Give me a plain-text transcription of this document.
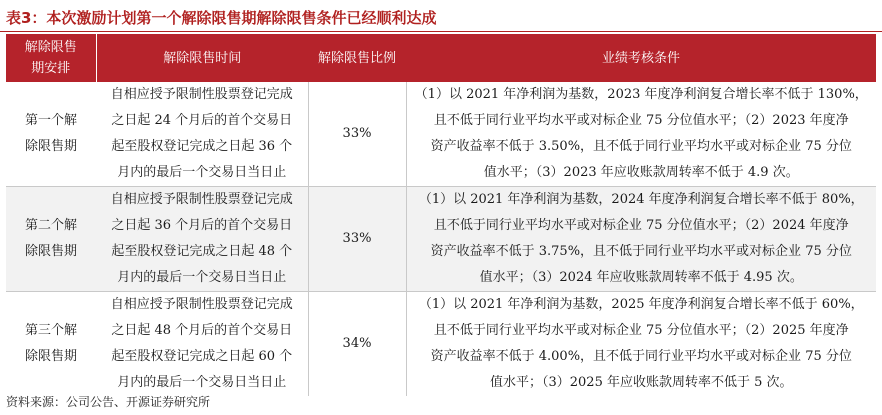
表3：本次激励计划第一个解除限售期解除限售条件已经顺利达成
解除限售
期安排	解除限售时间	解除限售比例	业绩考核条件

第一个解
除限售期	自相应授予限制性股票登记完成
之日起 24 个月后的首个交易日
起至股权登记完成之日起 36 个
月内的最后一个交易日当日止	33%	（1）以 2021 年净利润为基数，2023 年度净利润复合增长率不低于 130%，
且不低于同行业平均水平或对标企业 75 分位值水平；（2）2023 年度净
资产收益率不低于 3.50%，且不低于同行业平均水平或对标企业 75 分位
值水平；（3）2023 年应收账款周转率不低于 4.9 次。

第二个解
除限售期	自相应授予限制性股票登记完成
之日起 36 个月后的首个交易日
起至股权登记完成之日起 48 个
月内的最后一个交易日当日止	33%	（1）以 2021 年净利润为基数，2024 年度净利润复合增长率不低于 80%，
且不低于同行业平均水平或对标企业 75 分位值水平；（2）2024 年度净
资产收益率不低于 3.75%，且不低于同行业平均水平或对标企业 75 分位
值水平；（3）2024 年应收账款周转率不低于 4.95 次。

第三个解
除限售期	自相应授予限制性股票登记完成
之日起 48 个月后的首个交易日
起至股权登记完成之日起 60 个
月内的最后一个交易日当日止	34%	（1）以 2021 年净利润为基数，2025 年度净利润复合增长率不低于 60%，
且不低于同行业平均水平或对标企业 75 分位值水平；（2）2025 年度净
资产收益率不低于 4.00%，且不低于同行业平均水平或对标企业 75 分位
值水平；（3）2025 年应收账款周转率不低于 5 次。
资料来源：公司公告、开源证券研究所
